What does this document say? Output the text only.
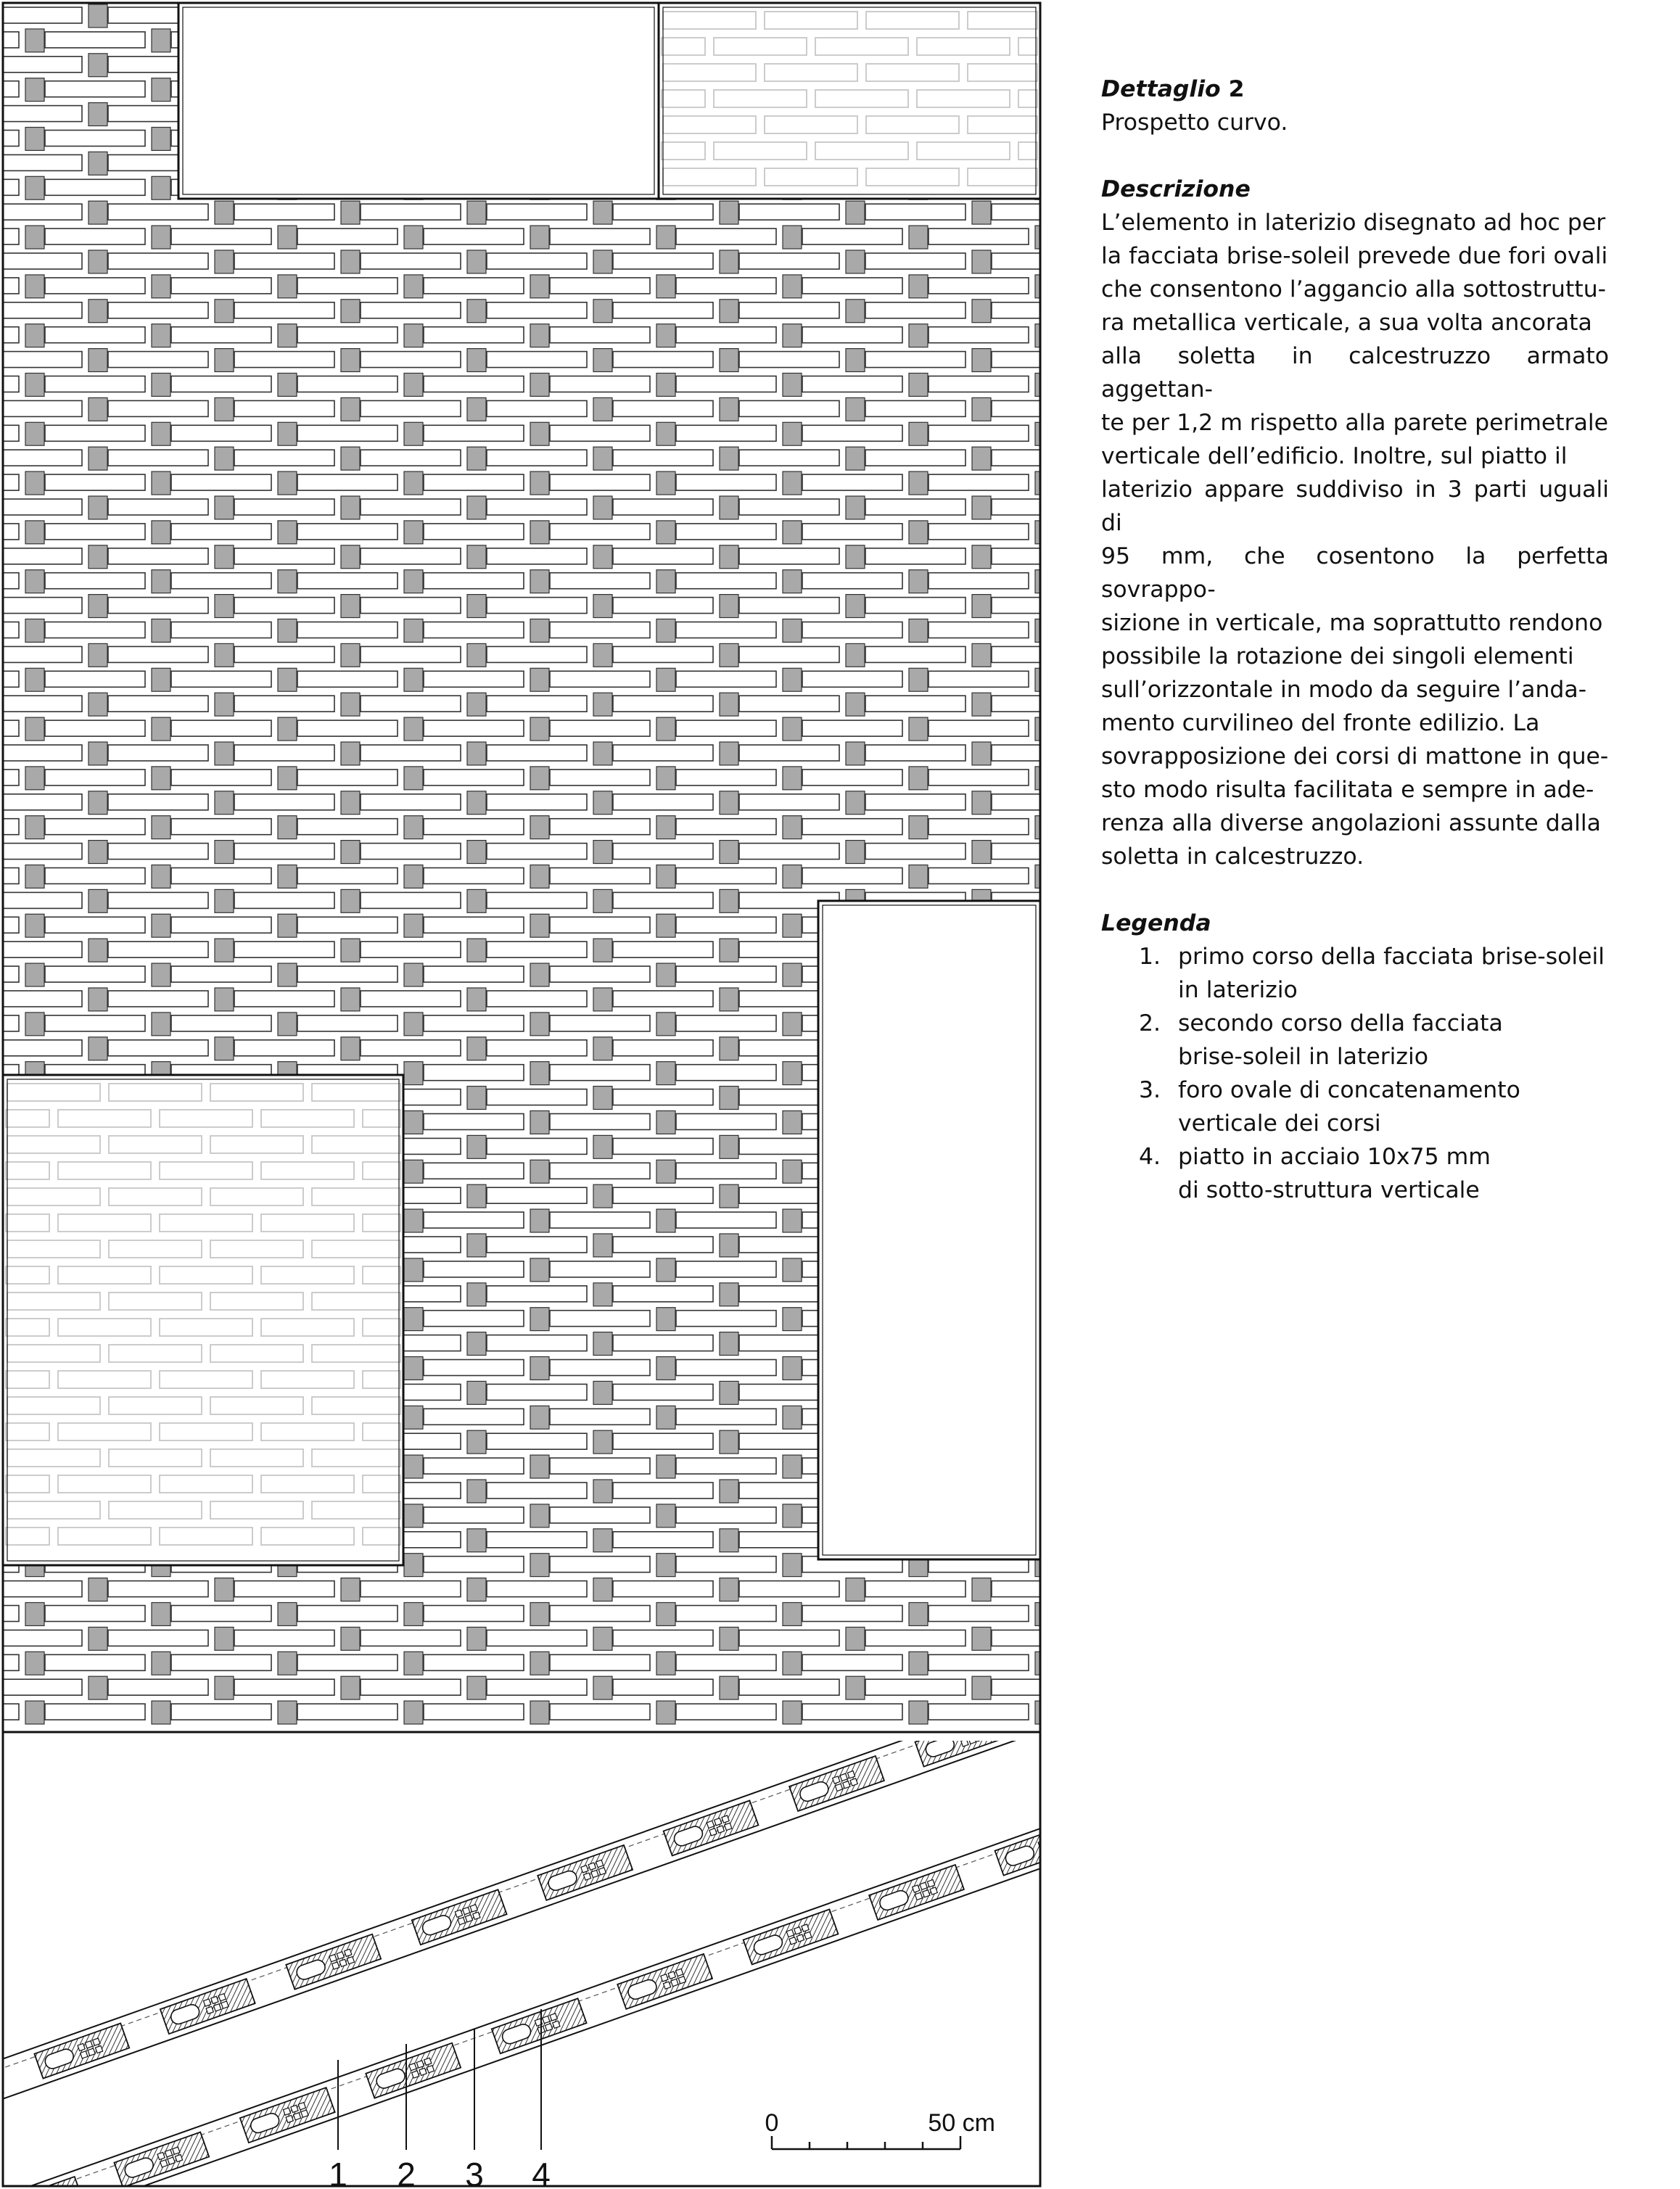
1 2 3 4
0	50 cm
Dettaglio 2
Prospetto curvo.
Descrizione
L’elemento in laterizio disegnato ad hoc per
la facciata brise-soleil prevede due fori ovali
che consentono l’aggancio alla sottostruttu-
ra metallica verticale, a sua volta ancorata
alla soletta in calcestruzzo armato aggettan-
te per 1,2 m rispetto alla parete perimetrale
verticale dell’edificio. Inoltre, sul piatto il
laterizio appare suddiviso in 3 parti uguali di
95 mm, che cosentono la perfetta sovrappo-
sizione in verticale, ma soprattutto rendono
possibile la rotazione dei singoli elementi
sull’orizzontale in modo da seguire l’anda-
mento curvilineo del fronte edilizio. La
sovrapposizione dei corsi di mattone in que-
sto modo risulta facilitata e sempre in ade-
renza alla diverse angolazioni assunte dalla
soletta in calcestruzzo.
Legenda
1. primo corso della facciata brise-soleil
in laterizio
2. secondo corso della facciata
brise-soleil in laterizio
3. foro ovale di concatenamento
verticale dei corsi
4. piatto in acciaio 10x75 mm
di sotto-struttura verticale
